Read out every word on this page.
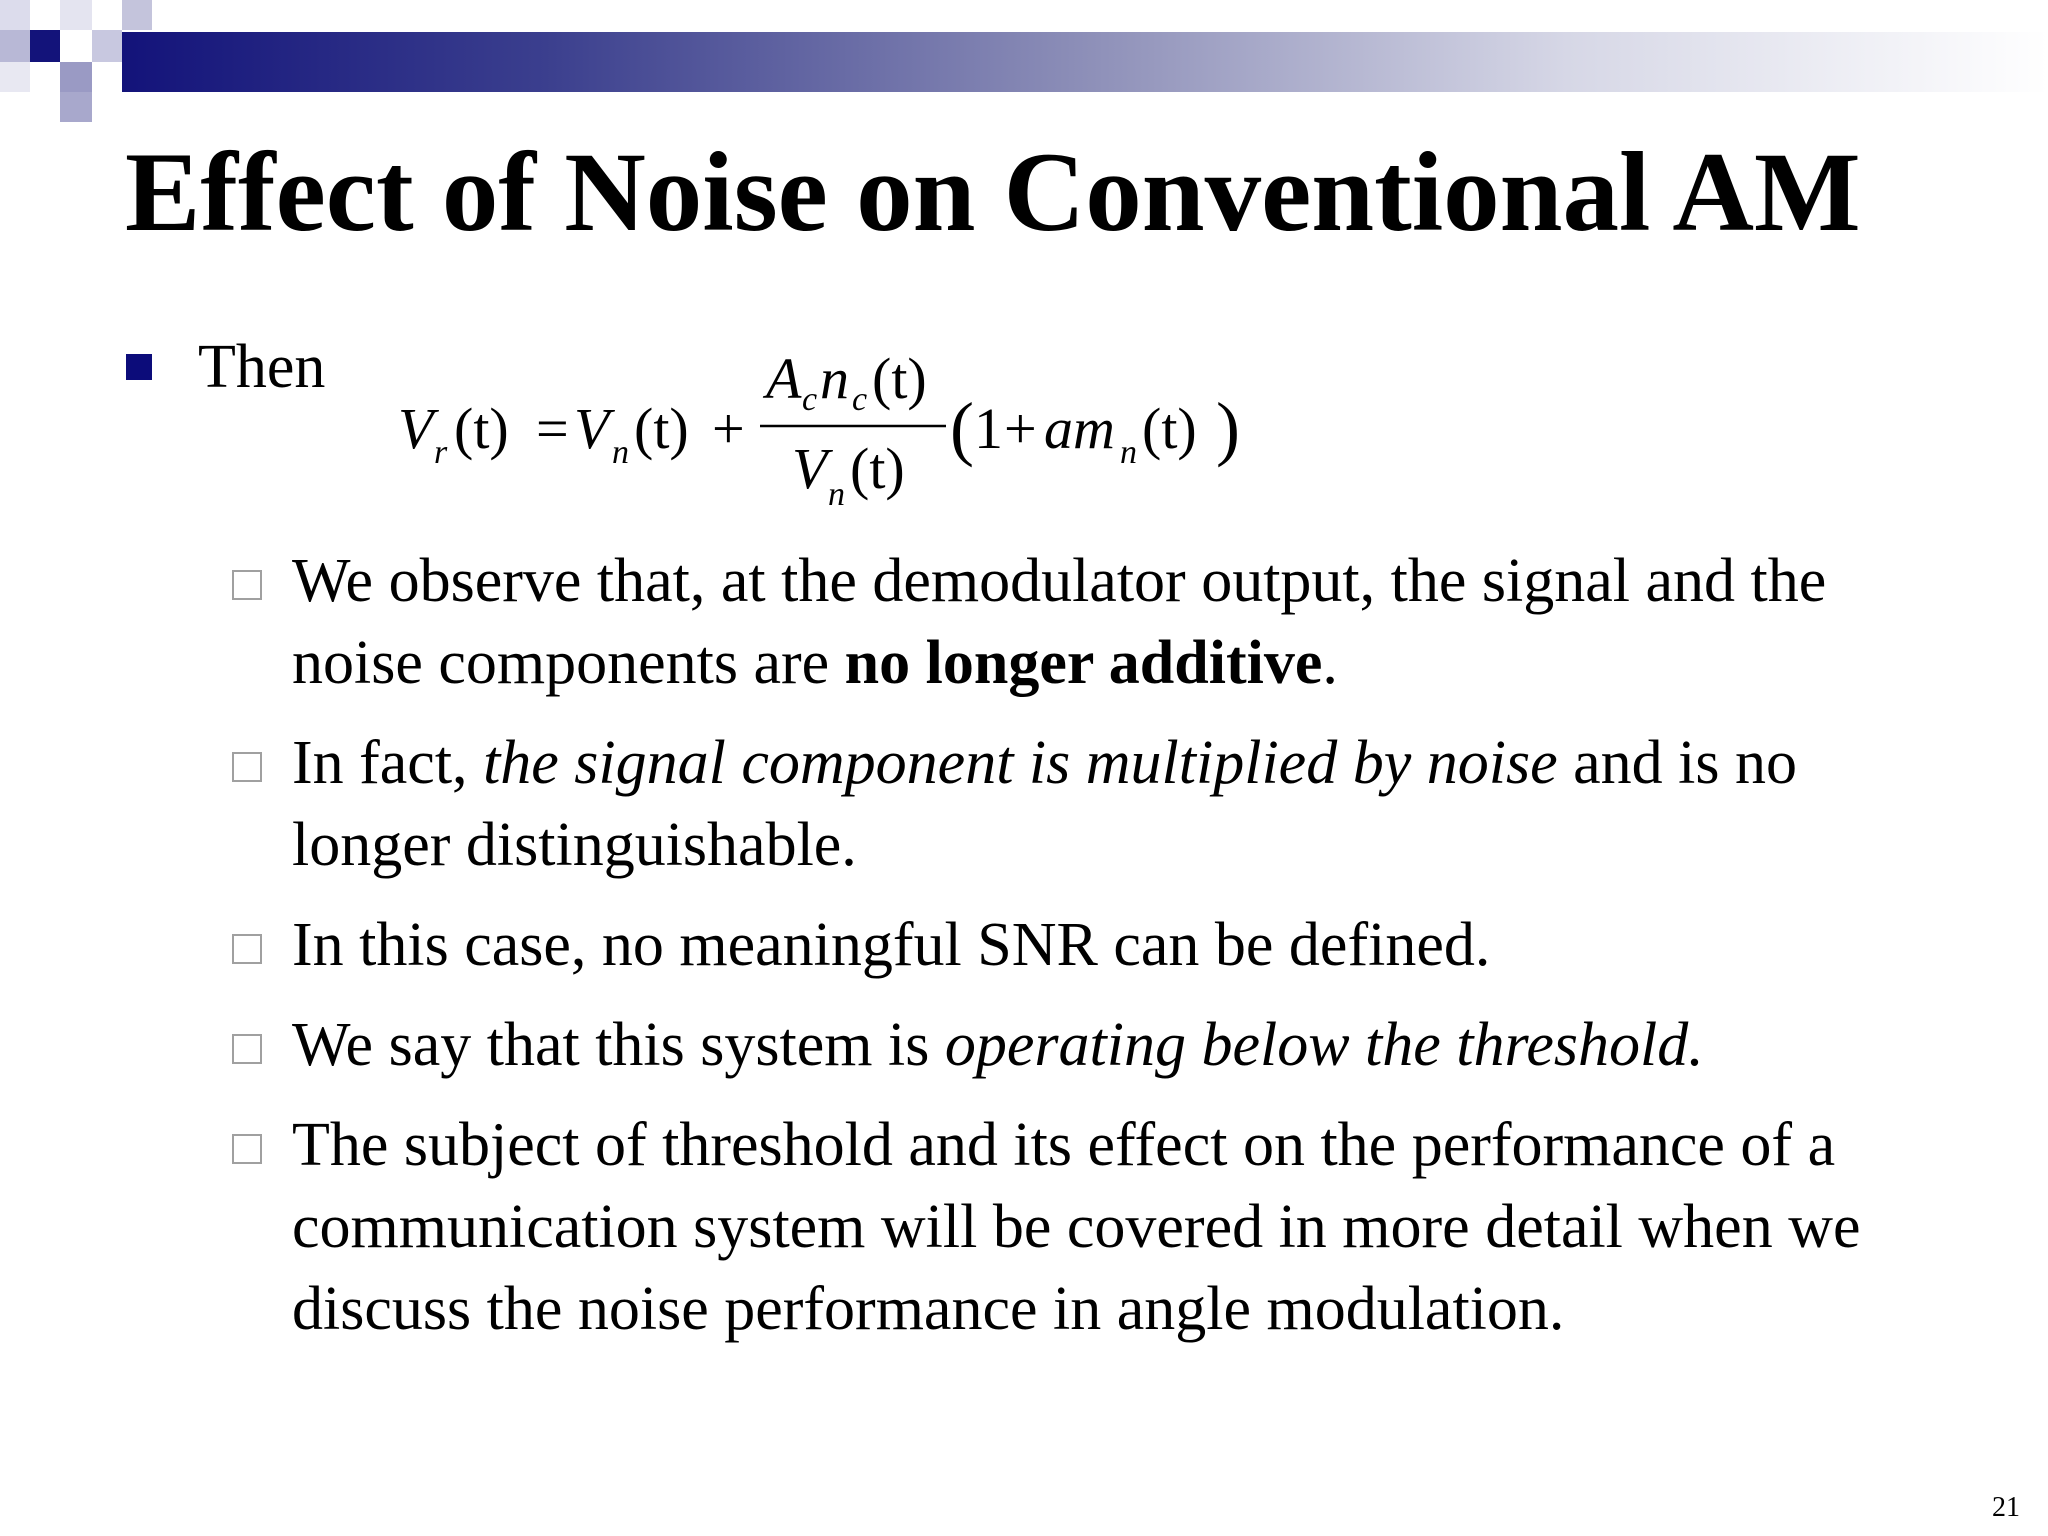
Effect of Noise on Conventional AM
Then
V r (t) = V n (t) +
A c n c (t)
V n (t)
( 1 + am n (t) )
We observe that, at the demodulator output, the signal and the noise components are no longer additive.
In fact, the signal component is multiplied by noise and is no longer distinguishable.
In this case, no meaningful SNR can be defined.
We say that this system is operating below the threshold.
The subject of threshold and its effect on the performance of a communication system will be covered in more detail when we discuss the noise performance in angle modulation.
21
